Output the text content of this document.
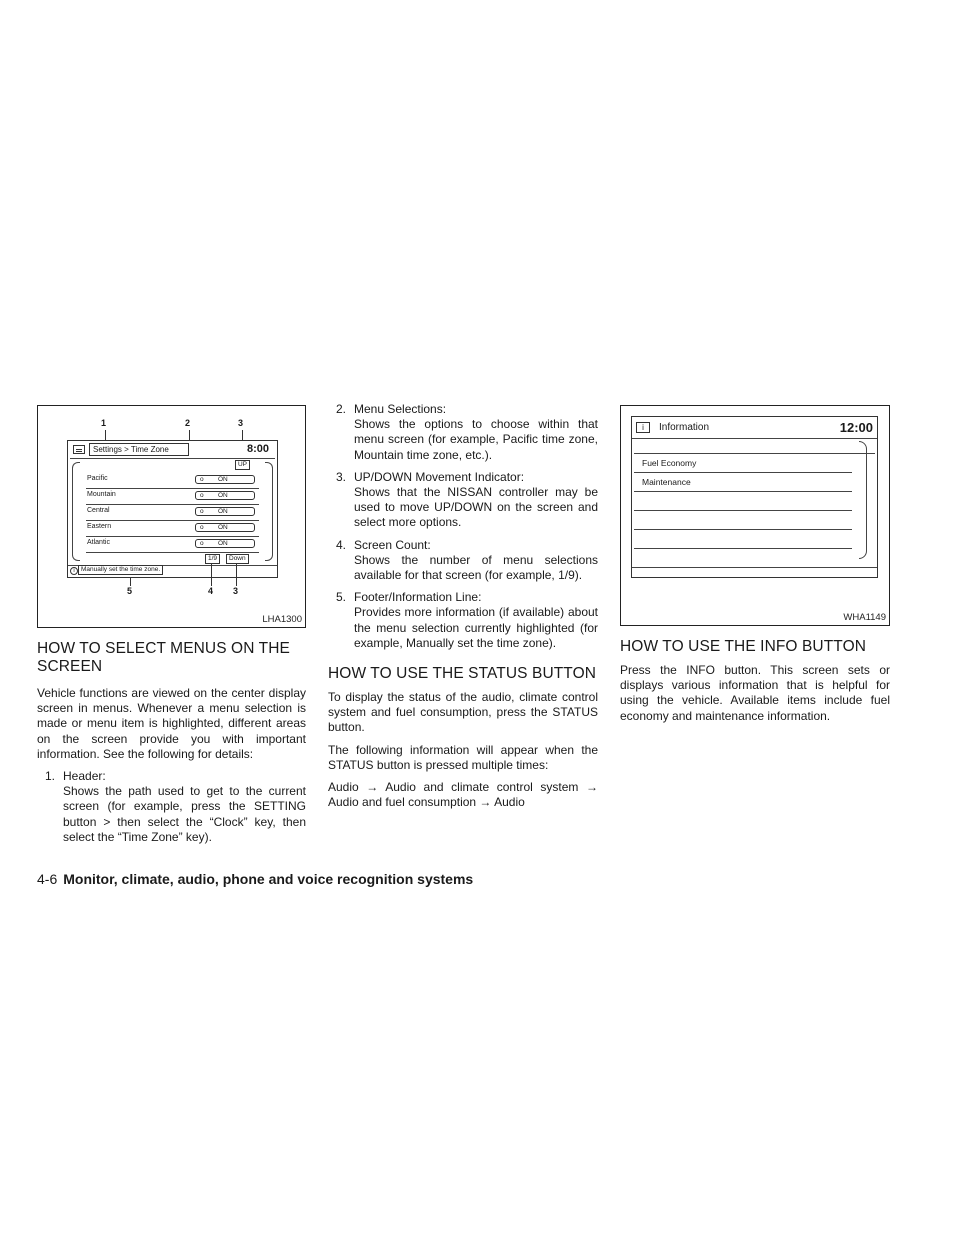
1	2	3
Settings > Time Zone	8:00
UP
Pacific	o ON
Mountain	o ON
Central	o ON
Eastern	o ON
Atlantic	o ON
1/9	Down
i Manually set the time zone.
5	4 3
LHA1300
HOW TO SELECT MENUS ON THE SCREEN

Vehicle functions are viewed on the center display screen in menus. Whenever a menu selection is made or menu item is highlighted, different areas on the screen provide you with important information. See the following for details:

1. Header:
Shows the path used to get to the current screen (for example, press the SETTING button > then select the “Clock” key, then select the “Time Zone” key).
2. Menu Selections:
Shows the options to choose within that menu screen (for example, Pacific time zone, Mountain time zone, etc.).
3. UP/DOWN Movement Indicator:
Shows that the NISSAN controller may be used to move UP/DOWN on the screen and select more options.
4. Screen Count:
Shows the number of menu selections available for that screen (for example, 1/9).
5. Footer/Information Line:
Provides more information (if available) about the menu selection currently highlighted (for example, Manually set the time zone).
HOW TO USE THE STATUS BUTTON

To display the status of the audio, climate control system and fuel consumption, press the STATUS button.

The following information will appear when the STATUS button is pressed multiple times:

Audio → Audio and climate control system → Audio and fuel consumption → Audio

i	Information	12:00
Fuel Economy
Maintenance
WHA1149
HOW TO USE THE INFO BUTTON

Press the INFO button. This screen sets or displays various information that is helpful for using the vehicle. Available items include fuel economy and maintenance information.

4-6 Monitor, climate, audio, phone and voice recognition systems
